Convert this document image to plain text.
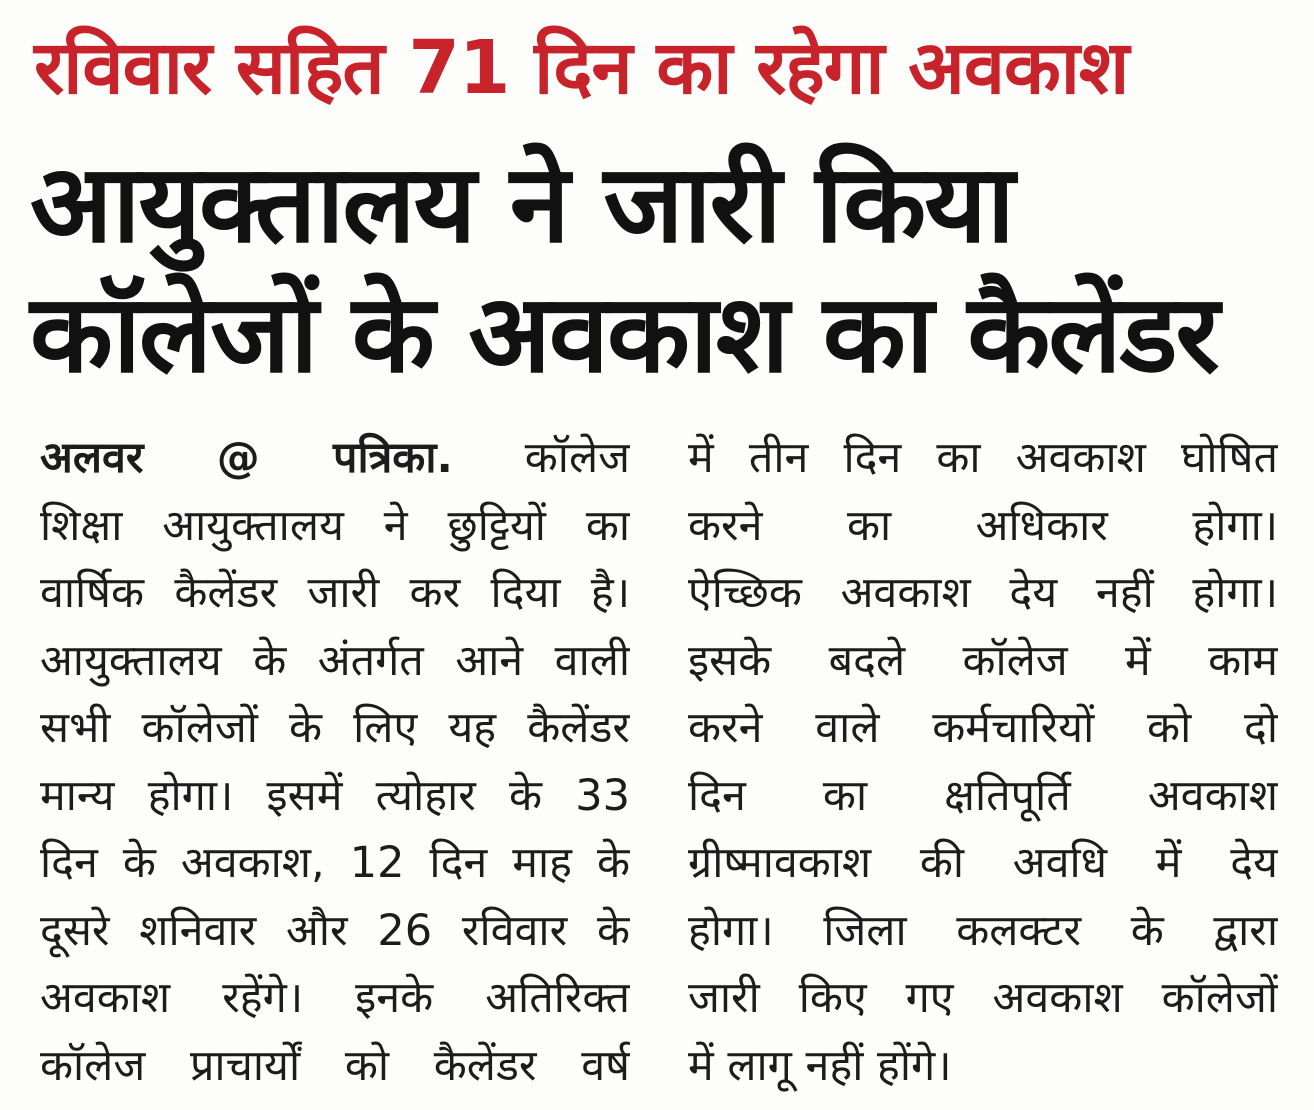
रविवार सहित 71 दिन का रहेगा अवकाश
आयुक्तालय ने जारी किया
कॉलेजों के अवकाश का कैलेंडर
अलवर @ पत्रिका. कॉलेज
शिक्षा आयुक्तालय ने छुट्टियों का
वार्षिक कैलेंडर जारी कर दिया है।
आयुक्तालय के अंतर्गत आने वाली
सभी कॉलेजों के लिए यह कैलेंडर
मान्य होगा। इसमें त्योहार के 33
दिन के अवकाश, 12 दिन माह के
दूसरे शनिवार और 26 रविवार के
अवकाश रहेंगे। इनके अतिरिक्त
कॉलेज प्राचार्यों को कैलेंडर वर्ष
में तीन दिन का अवकाश घोषित
करने का अधिकार होगा।
ऐच्छिक अवकाश देय नहीं होगा।
इसके बदले कॉलेज में काम
करने वाले कर्मचारियों को दो
दिन का क्षतिपूर्ति अवकाश
ग्रीष्मावकाश की अवधि में देय
होगा। जिला कलक्टर के द्वारा
जारी किए गए अवकाश कॉलेजों
में लागू नहीं होंगे।
